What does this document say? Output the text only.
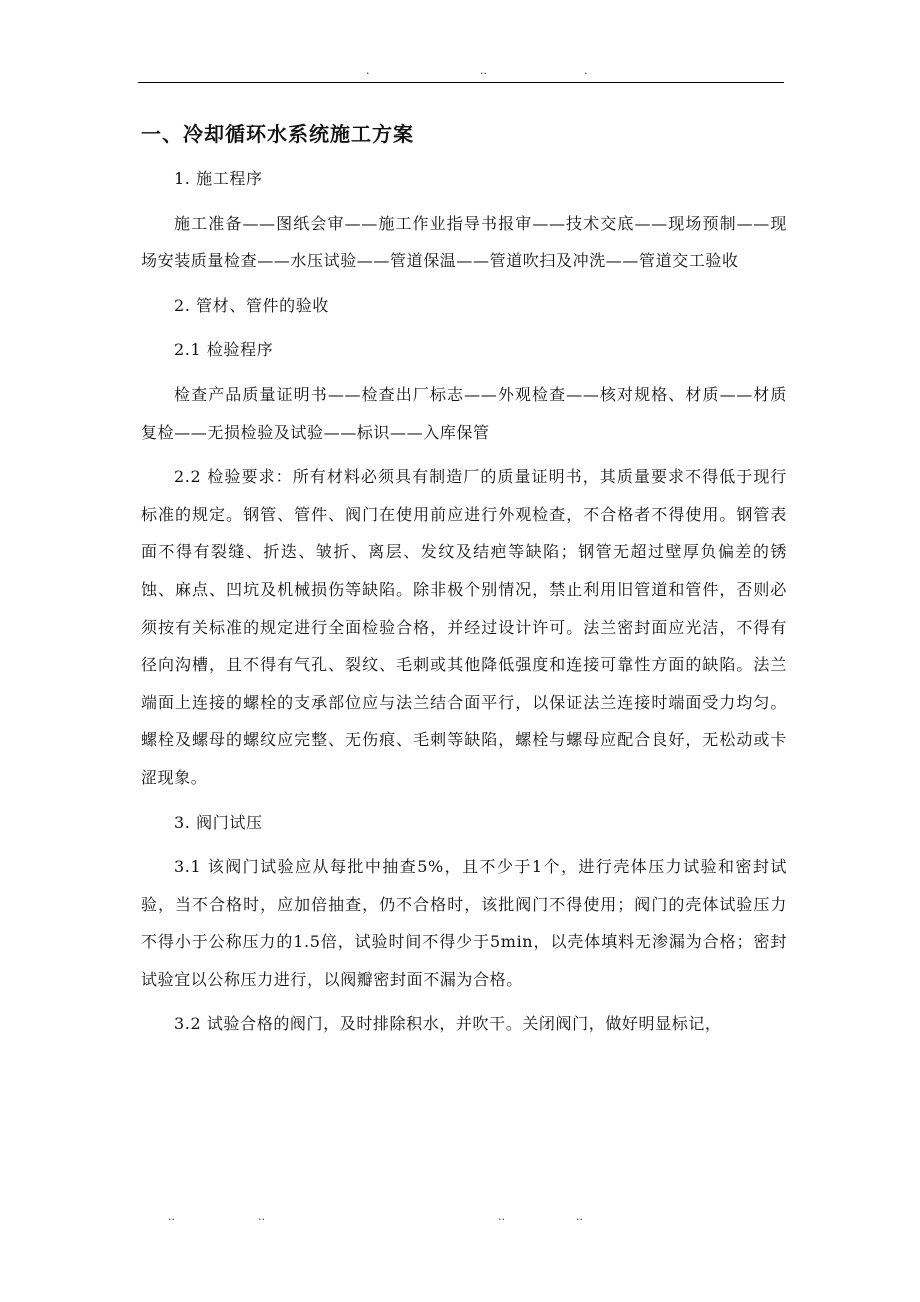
.	..	.
一、冷却循环水系统施工方案
1. 施工程序
施工准备——图纸会审——施工作业指导书报审——技术交底——现场预制——现场安装质量检查——水压试验——管道保温——管道吹扫及冲洗——管道交工验收
2. 管材、管件的验收
2.1 检验程序
检查产品质量证明书——检查出厂标志——外观检查——核对规格、材质——材质复检——无损检验及试验——标识——入库保管
2.2 检验要求：所有材料必须具有制造厂的质量证明书，其质量要求不得低于现行标准的规定。钢管、管件、阀门在使用前应进行外观检查，不合格者不得使用。钢管表面不得有裂缝、折迭、皱折、离层、发纹及结疤等缺陷；钢管无超过壁厚负偏差的锈蚀、麻点、凹坑及机械损伤等缺陷。除非极个别情况，禁止利用旧管道和管件，否则必须按有关标准的规定进行全面检验合格，并经过设计许可。法兰密封面应光洁，不得有径向沟槽，且不得有气孔、裂纹、毛刺或其他降低强度和连接可靠性方面的缺陷。法兰端面上连接的螺栓的支承部位应与法兰结合面平行，以保证法兰连接时端面受力均匀。螺栓及螺母的螺纹应完整、无伤痕、毛刺等缺陷，螺栓与螺母应配合良好，无松动或卡涩现象。
3. 阀门试压
3.1 该阀门试验应从每批中抽查5%，且不少于1个，进行壳体压力试验和密封试验，当不合格时，应加倍抽查，仍不合格时，该批阀门不得使用；阀门的壳体试验压力不得小于公称压力的1.5倍，试验时间不得少于5min，以壳体填料无渗漏为合格；密封试验宜以公称压力进行，以阀瓣密封面不漏为合格。
3.2 试验合格的阀门，及时排除积水，并吹干。关闭阀门，做好明显标记，
..	..	..	..
